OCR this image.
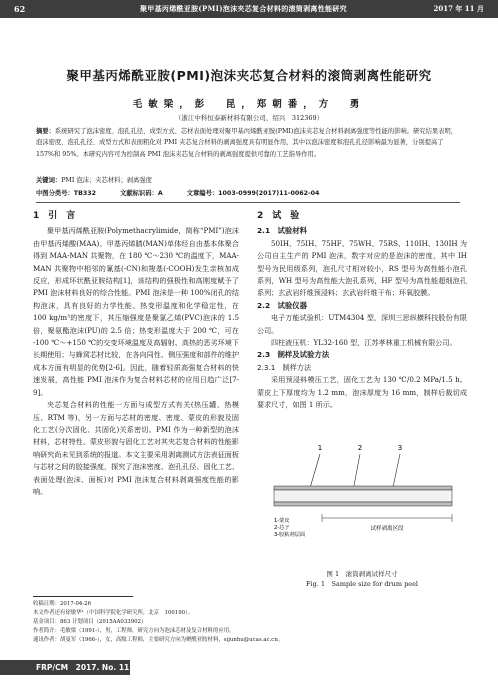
62	聚甲基丙烯酰亚胺(PMI)泡沫夹芯复合材料的滚筒剥离性能研究	2017 年 11 月
聚甲基丙烯酰亚胺(PMI)泡沫夹芯复合材料的滚筒剥离性能研究
毛敏梁，彭　昆，郑朝番，方　勇
（浙江中科恒泰新材料有限公司，绍兴　312369）
摘要：系统研究了泡沫密度、泡孔孔径、成型方式、芯材表面处理对聚甲基丙烯酰亚胺(PMI)泡沫夹芯复合材料剥离强度等性能的影响。研究结果表明，泡沫密度、泡孔孔径、成型方式和表面粗化对 PMI 夹芯复合材料的剥离强度具有明显作用，其中以泡沫密度和泡孔孔径影响最为显著，分别提高了 157%和 95%。本研究内容可为控制高 PMI 泡沫夹芯复合材料的剥离强度提供可靠的工艺指导作用。
关键词：PMI 泡沫；夹芯材料；剥离强度
中图分类号：TB332	文献标识码：A	文章编号：1003-0999(2017)11-0062-04
1　引　言

聚甲基丙烯酰亚胺(Polymethacrylimide，简称“PMI”)泡沫由甲基丙烯酸(MAA)、甲基丙烯腈(MAN)单体经自由基本体聚合得到 MAA-MAN 共聚物，在 180 ℃～230 ℃的温度下，MAA-MAN 共聚物中相邻的氰基(-CN)和羧基(-COOH)发生亲核加成反应，形成环状酰亚胺结构[1]，该结构的强极性和高刚度赋予了 PMI 泡沫材料良好的综合性能。PMI 泡沫是一种 100%闭孔的结构泡沫，具有良好的力学性能、热变形温度和化学稳定性，在 100 kg/m³的密度下，其压缩强度是聚氯乙烯(PVC)泡沫的 1.5 倍，聚氨酯泡沫(PU)的 2.5 倍；热变形温度大于 200 ℃，可在 -100 ℃～+150 ℃的交变环境温度及高辐射、高热的恶劣环境下长期使用；与蜂窝芯材比较，在各向同性、侧压强度和部件的维护成本方面有明显的优势[2-6]。因此，随着轻质高强复合材料的快速发展，高性能 PMI 泡沫作为复合材料芯材的应用日趋广泛[7-9]。

夹芯复合材料的性能一方面与成型方式有关(热压罐、热模压、RTM 等)，另一方面与芯材的密度、密度、蒙皮的形貌及固化工艺(分次固化、共固化)关系密切。PMI 作为一种新型的泡沫材料，芯材特性、蒙皮形貌与固化工艺对其夹芯复合材料的性能影响研究尚未见到系统的报道。本文主要采用剥离测试方法表征面板与芯材之间的胶接强度，探究了泡沫密度、泡孔孔径、固化工艺、表面处理(泡沫、面板)对 PMI 泡沫复合材料剥离强度性能的影响。

2　试　验
2.1　试验材料

50IH、75IH、75HF、75WH、75RS、110IH、130IH 为公司自主生产的 PMI 泡沫，数字对应的是泡沫的密度，其中 IH 型号为民用级系列，泡孔尺寸相对较小，RS 型号为高性能小泡孔系列，WH 型号为高性能大泡孔系列，HF 型号为高性能超细泡孔系列；玄武岩纤维预浸料；玄武岩纤维干布；环氧胶膜。

2.2　试验仪器

电子万能试验机：UTM4304 型，深圳三思纵横科技股份有限公司。

四柱液压机：YL32-160 型，江苏孝林重工机械有限公司。

2.3　制样及试验方法
2.3.1　制样方法

采用预浸料模压工艺，固化工艺为 130 ℃/0.2 MPa/1.5 h。蒙皮上下厚度均为 1.2 mm，泡沫厚度为 16 mm，制样后裁切成要求尺寸，如图 1 所示。

1	2	3
试样剥离区段
1-蒙皮
2-芯子
3-胶粘剂层面
图 1　滚筒剥离试样尺寸
Fig. 1　Sample size for drum peel
收稿日期：2017-04-26
本文作者还有徐敏华¹（中国科学院化学研究所，北京　100190）。
基金项目：863 计划项目（2015AA033902）
作者简介：毛敏梁（1991-），男，工程师，研究方向为泡沫芯材及复合材料的应用。
通讯作者：胡曼军（1966-），女，高级工程师，主要研究方向为聚酰亚胺材料，sijunhu@ucas.ac.cn。
FRP/CM　2017. No. 11
